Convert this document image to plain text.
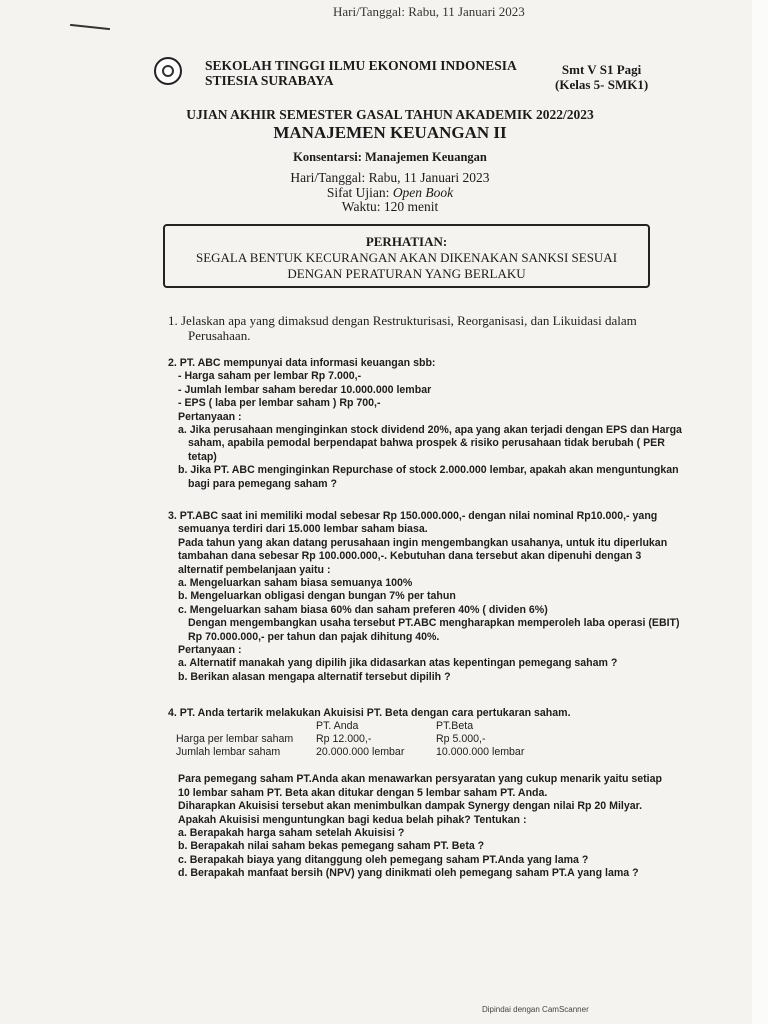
Hari/Tanggal: Rabu, 11 Januari 2023
SEKOLAH TINGGI ILMU EKONOMI INDONESIA
STIESIA SURABAYA
Smt V S1 Pagi
(Kelas 5- SMK1)
UJIAN AKHIR SEMESTER GASAL TAHUN AKADEMIK 2022/2023
MANAJEMEN KEUANGAN II
Konsentarsi: Manajemen Keuangan
Hari/Tanggal: Rabu, 11 Januari 2023
Sifat Ujian: Open Book
Waktu: 120 menit
PERHATIAN:
SEGALA BENTUK KECURANGAN AKAN DIKENAKAN SANKSI SESUAI
DENGAN PERATURAN YANG BERLAKU
1. Jelaskan apa yang dimaksud dengan Restrukturisasi, Reorganisasi, dan Likuidasi dalam
Perusahaan.
2. PT. ABC mempunyai data informasi keuangan sbb:
- Harga saham per lembar Rp 7.000,-
- Jumlah lembar saham beredar 10.000.000 lembar
- EPS ( laba per lembar saham ) Rp 700,-
Pertanyaan :
a. Jika perusahaan menginginkan stock dividend 20%, apa yang akan terjadi dengan EPS dan Harga
saham, apabila pemodal berpendapat bahwa prospek & risiko perusahaan tidak berubah ( PER
tetap)
b. Jika PT. ABC menginginkan Repurchase of stock 2.000.000 lembar, apakah akan menguntungkan
bagi para pemegang saham ?
3. PT.ABC saat ini memiliki modal sebesar Rp 150.000.000,- dengan nilai nominal Rp10.000,- yang
semuanya terdiri dari 15.000 lembar saham biasa.
Pada tahun yang akan datang perusahaan ingin mengembangkan usahanya, untuk itu diperlukan
tambahan dana sebesar Rp 100.000.000,-. Kebutuhan dana tersebut akan dipenuhi dengan 3
alternatif pembelanjaan yaitu :
a. Mengeluarkan saham biasa semuanya 100%
b. Mengeluarkan obligasi dengan bungan 7% per tahun
c. Mengeluarkan saham biasa 60% dan saham preferen 40% ( dividen 6%)
Dengan mengembangkan usaha tersebut PT.ABC mengharapkan memperoleh laba operasi (EBIT)
Rp 70.000.000,- per tahun dan pajak dihitung 40%.
Pertanyaan :
a. Alternatif manakah yang dipilih jika didasarkan atas kepentingan pemegang saham ?
b. Berikan alasan mengapa alternatif tersebut dipilih ?
4. PT. Anda tertarik melakukan Akuisisi PT. Beta dengan cara pertukaran saham.
	PT. Anda	PT.Beta
Harga per lembar saham	Rp 12.000,-	Rp 5.000,-
Jumlah lembar saham	20.000.000 lembar	10.000.000 lembar
Para pemegang saham PT.Anda akan menawarkan persyaratan yang cukup menarik yaitu setiap
10 lembar saham PT. Beta akan ditukar dengan 5 lembar saham PT. Anda.
Diharapkan Akuisisi tersebut akan menimbulkan dampak Synergy dengan nilai Rp 20 Milyar.
Apakah Akuisisi menguntungkan bagi kedua belah pihak? Tentukan :
a. Berapakah harga saham setelah Akuisisi ?
b. Berapakah nilai saham bekas pemegang saham PT. Beta ?
c. Berapakah biaya yang ditanggung oleh pemegang saham PT.Anda yang lama ?
d. Berapakah manfaat bersih (NPV) yang dinikmati oleh pemegang saham PT.A yang lama ?
Dipindai dengan CamScanner
